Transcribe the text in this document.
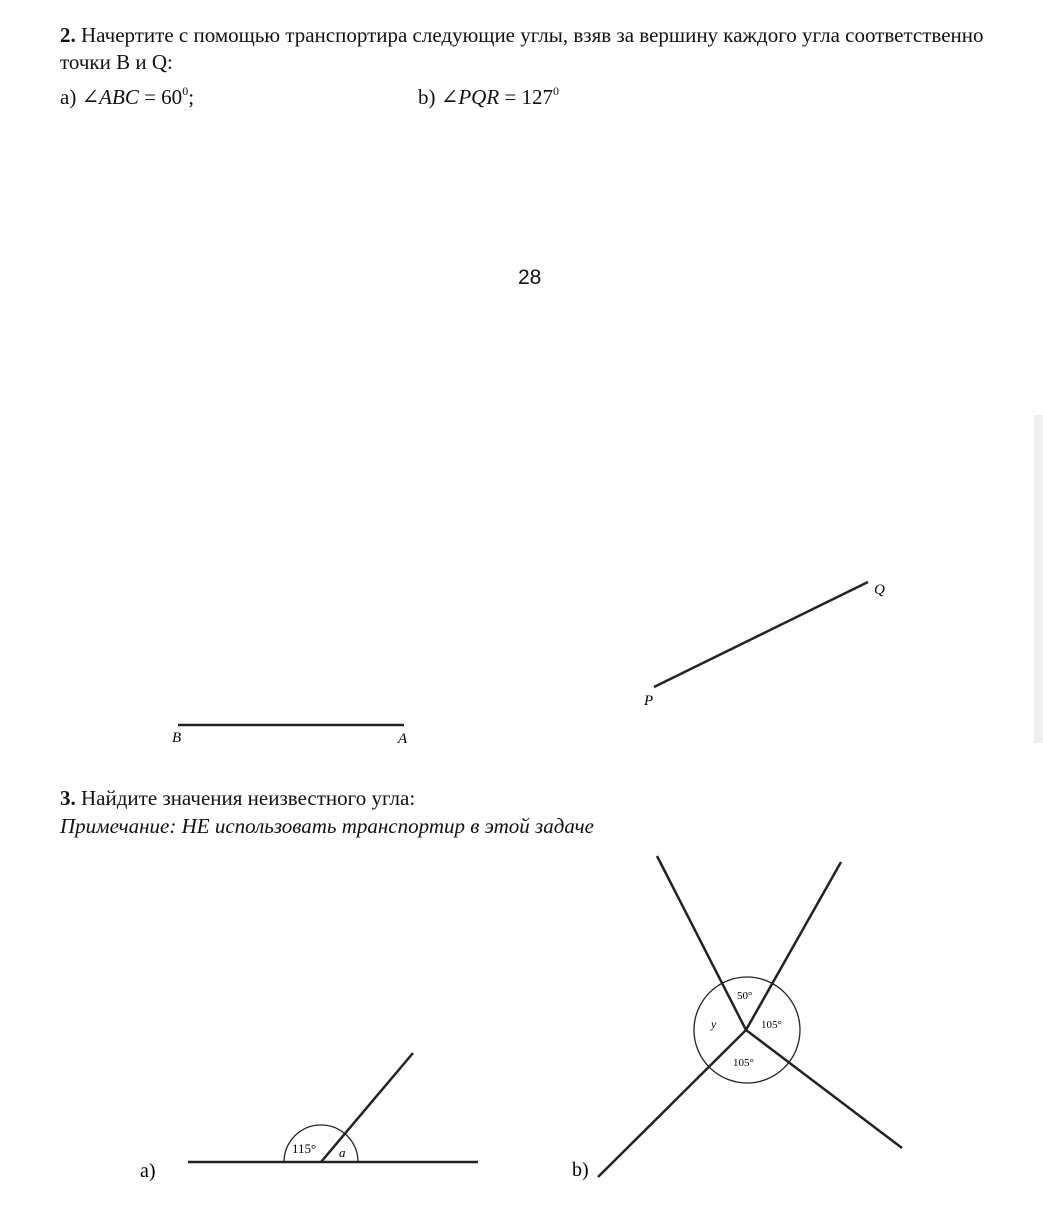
2. Начертите с помощью транспортира следующие углы, взяв за вершину каждого угла соответственно точки B и Q:
a) ∠ABC = $60^0$;	b) ∠PQR = $127^0$
28
3. Найдите значения неизвестного угла:
Примечание: НЕ использовать транспортир в этой задаче
B	A
P
Q
115° a
a)
50°
105°
105°
y
b)
